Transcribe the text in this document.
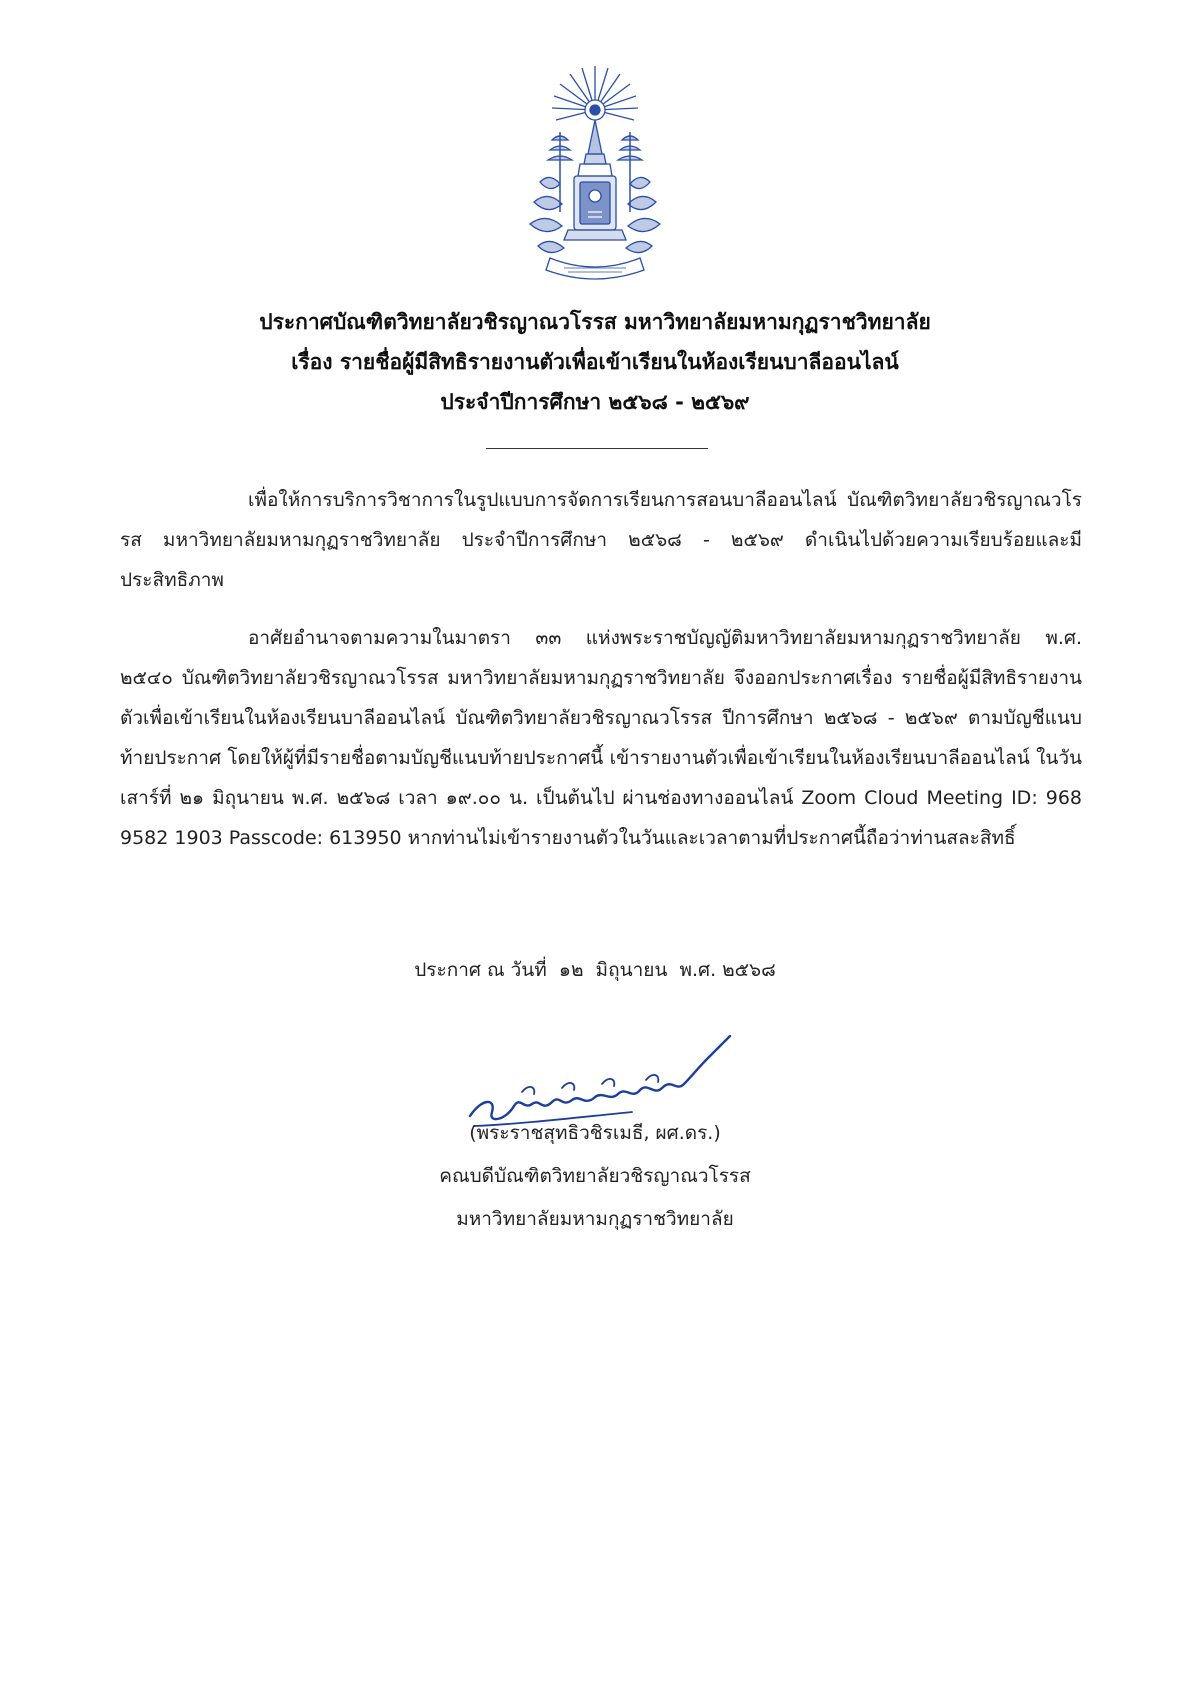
ประกาศบัณฑิตวิทยาลัยวชิรญาณวโรรส มหาวิทยาลัยมหามกุฏราชวิทยาลัย
เรื่อง รายชื่อผู้มีสิทธิรายงานตัวเพื่อเข้าเรียนในห้องเรียนบาลีออนไลน์
ประจำปีการศึกษา ๒๕๖๘ - ๒๕๖๙

เพื่อให้การบริการวิชาการในรูปแบบการจัดการเรียนการสอนบาลีออนไลน์ บัณฑิตวิทยาลัยวชิรญาณวโรรส มหาวิทยาลัยมหามกุฏราชวิทยาลัย ประจำปีการศึกษา ๒๕๖๘ - ๒๕๖๙ ดำเนินไปด้วยความเรียบร้อยและมีประสิทธิภาพ

อาศัยอำนาจตามความในมาตรา ๓๓ แห่งพระราชบัญญัติมหาวิทยาลัยมหามกุฏราชวิทยาลัย พ.ศ. ๒๕๔๐ บัณฑิตวิทยาลัยวชิรญาณวโรรส มหาวิทยาลัยมหามกุฏราชวิทยาลัย จึงออกประกาศเรื่อง รายชื่อผู้มีสิทธิรายงานตัวเพื่อเข้าเรียนในห้องเรียนบาลีออนไลน์ บัณฑิตวิทยาลัยวชิรญาณวโรรส ปีการศึกษา ๒๕๖๘ - ๒๕๖๙ ตามบัญชีแนบท้ายประกาศ โดยให้ผู้ที่มีรายชื่อตามบัญชีแนบท้ายประกาศนี้ เข้ารายงานตัวเพื่อเข้าเรียนในห้องเรียนบาลีออนไลน์ ในวันเสาร์ที่ ๒๑ มิถุนายน พ.ศ. ๒๕๖๘ เวลา ๑๙.๐๐ น. เป็นต้นไป ผ่านช่องทางออนไลน์ Zoom Cloud Meeting ID: 968 9582 1903 Passcode: 613950 หากท่านไม่เข้ารายงานตัวในวันและเวลาตามที่ประกาศนี้ถือว่าท่านสละสิทธิ์

ประกาศ ณ วันที่  ๑๒  มิถุนายน  พ.ศ. ๒๕๖๘
(พระราชสุทธิวชิรเมธี, ผศ.ดร.)
คณบดีบัณฑิตวิทยาลัยวชิรญาณวโรรส
มหาวิทยาลัยมหามกุฏราชวิทยาลัย
